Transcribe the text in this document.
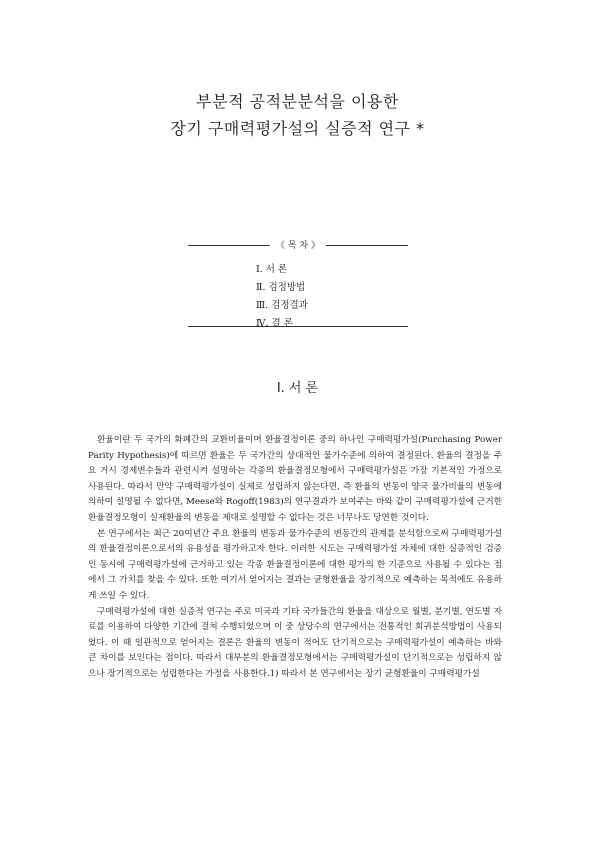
부분적 공적분분석을 이용한
장기 구매력평가설의 실증적 연구 *
《 목 차 》
Ⅰ. 서 론
Ⅱ. 검정방법
Ⅲ. 검정결과
Ⅳ. 결 론
Ⅰ. 서 론

환율이란 두 국가의 화폐간의 교환비율이며 환율결정이론 중의 하나인 구매력평가설(Purchasing Power Parity Hypothesis)에 따르면 환율은 두 국가간의 상대적인 물가수준에 의하여 결정된다. 환율의 결정을 주요 거시 경제변수들과 관련시켜 설명하는 각종의 환율결정모형에서 구매력평가설은 가장 기본적인 가정으로 사용된다. 따라서 만약 구매력평가설이 실제로 성립하지 않는다면, 즉 환율의 변동이 양국 물가비율의 변동에 의하여 설명될 수 없다면, Meese와 Rogoff(1983)의 연구결과가 보여주는 바와 같이 구매력평가설에 근거한 환율결정모형이 실제환율의 변동을 제대로 설명할 수 없다는 것은 너무나도 당연한 것이다.

본 연구에서는 최근 20여년간 주요 환율의 변동과 물가수준의 변동간의 관계를 분석함으로써 구매력평가설의 환율결정이론으로서의 유용성을 평가하고자 한다. 이러한 시도는 구매력평가설 자체에 대한 실증적인 검증인 동시에 구매력평가설에 근거하고 있는 각종 환율결정이론에 대한 평가의 한 기준으로 사용될 수 있다는 점에서 그 가치를 찾을 수 있다. 또한 여기서 얻어지는 결과는 균형환율을 장기적으로 예측하는 목적에도 유용하게 쓰일 수 있다.

구매력평가설에 대한 실증적 연구는 주로 미국과 기타 국가들간의 환율을 대상으로 월별, 분기별, 연도별 자료를 이용하여 다양한 기간에 걸쳐 수행되었으며 이 중 상당수의 연구에서는 전통적인 회귀분석방법이 사용되었다. 이 때 일관적으로 얻어지는 결론은 환율의 변동이 적어도 단기적으로는 구매력평가설이 예측하는 바와 큰 차이를 보인다는 점이다. 따라서 대부분의 환율결정모형에서는 구매력평가설이 단기적으로는 성립하지 않으나 장기적으로는 성립한다는 가정을 사용한다.1) 따라서 본 연구에서는 장기 균형환율이 구매력평가설
